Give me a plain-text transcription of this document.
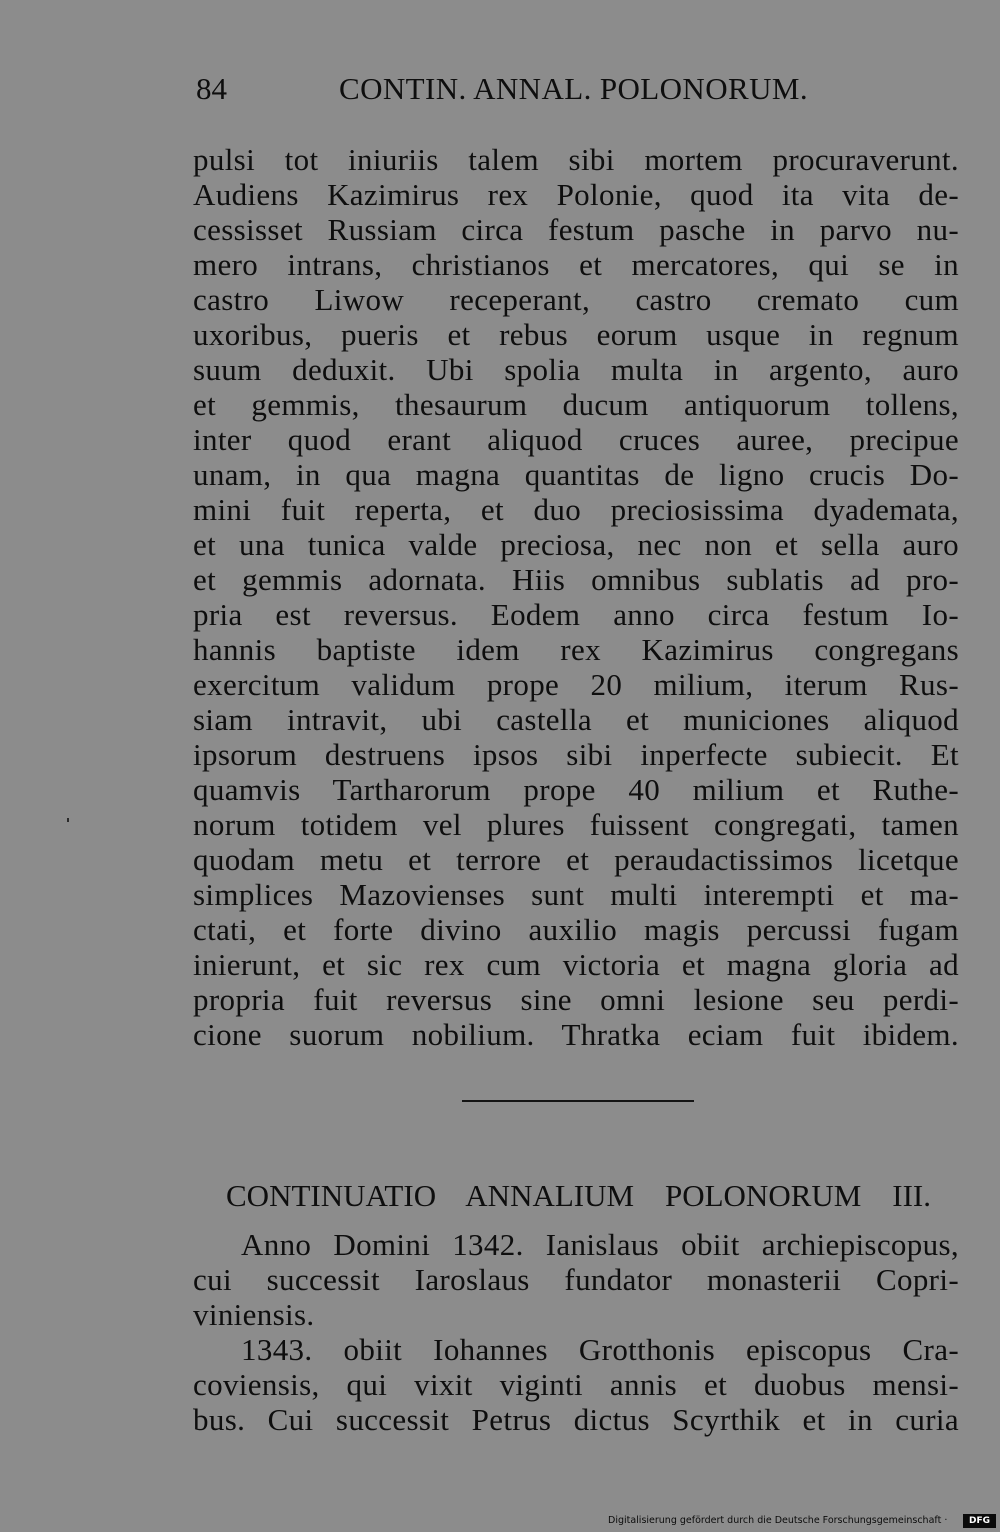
84	CONTIN. ANNAL. POLONORUM.
pulsi tot iniuriis talem sibi mortem procuraverunt.
Audiens Kazimirus rex Polonie, quod ita vita de-
cessisset Russiam circa festum pasche in parvo nu-
mero intrans, christianos et mercatores, qui se in
castro Liwow receperant, castro cremato cum
uxoribus, pueris et rebus eorum usque in regnum
suum deduxit. Ubi spolia multa in argento, auro
et gemmis, thesaurum ducum antiquorum tollens,
inter quod erant aliquod cruces auree, precipue
unam, in qua magna quantitas de ligno crucis Do-
mini fuit reperta, et duo preciosissima dyademata,
et una tunica valde preciosa, nec non et sella auro
et gemmis adornata. Hiis omnibus sublatis ad pro-
pria est reversus. Eodem anno circa festum Io-
hannis baptiste idem rex Kazimirus congregans
exercitum validum prope 20 milium, iterum Rus-
siam intravit, ubi castella et municiones aliquod
ipsorum destruens ipsos sibi inperfecte subiecit. Et
quamvis Tartharorum prope 40 milium et Ruthe-
norum totidem vel plures fuissent congregati, tamen
quodam metu et terrore et peraudactissimos licetque
simplices Mazovienses sunt multi interempti et ma-
ctati, et forte divino auxilio magis percussi fugam
inierunt, et sic rex cum victoria et magna gloria ad
propria fuit reversus sine omni lesione seu perdi-
cione suorum nobilium. Thratka eciam fuit ibidem.
CONTINUATIO ANNALIUM POLONORUM III.
Anno Domini 1342. Ianislaus obiit archiepiscopus,
cui successit Iaroslaus fundator monasterii Copri-
viniensis.
1343. obiit Iohannes Grotthonis episcopus Cra-
coviensis, qui vixit viginti annis et duobus mensi-
bus. Cui successit Petrus dictus Scyrthik et in curia
Digitalisierung gefördert durch die Deutsche Forschungsgemeinschaft ·	DFG
